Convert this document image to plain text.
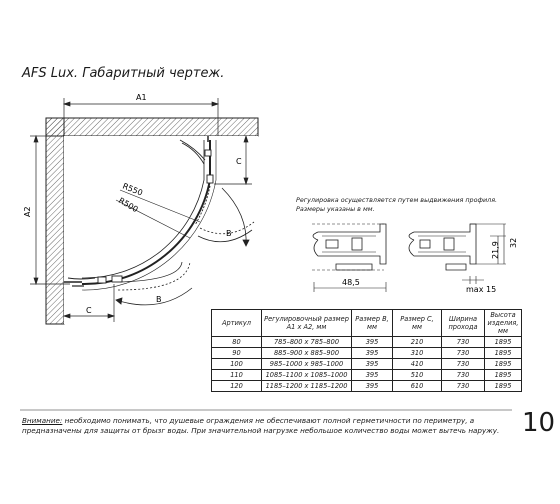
AFS Lux. Габаритный чертеж.
A1
A2
B
B
R550
R500
C
C
48,5
21,9 32
max 15
Регулировка осуществляется путем выдвижения профиля.
Размеры указаны в мм.
Артикул	Регулировочный размер A1 x A2, мм	Размер B, мм	Размер C, мм	Ширина прохода	Высота изделия, мм
80	785–800 x 785–800	395	210	730	1895
90	885–900 x 885–900	395	310	730	1895
100	985–1000 x 985–1000	395	410	730	1895
110	1085–1100 x 1085–1000	395	510	730	1895
120	1185–1200 x 1185–1200	395	610	730	1895
Внимание: необходимо понимать, что душевые ограждения не обеспечивают полной герметичности по периметру, а предназначены для защиты от брызг воды. При значительной нагрузке небольшое количество воды может вытечь наружу. 10
